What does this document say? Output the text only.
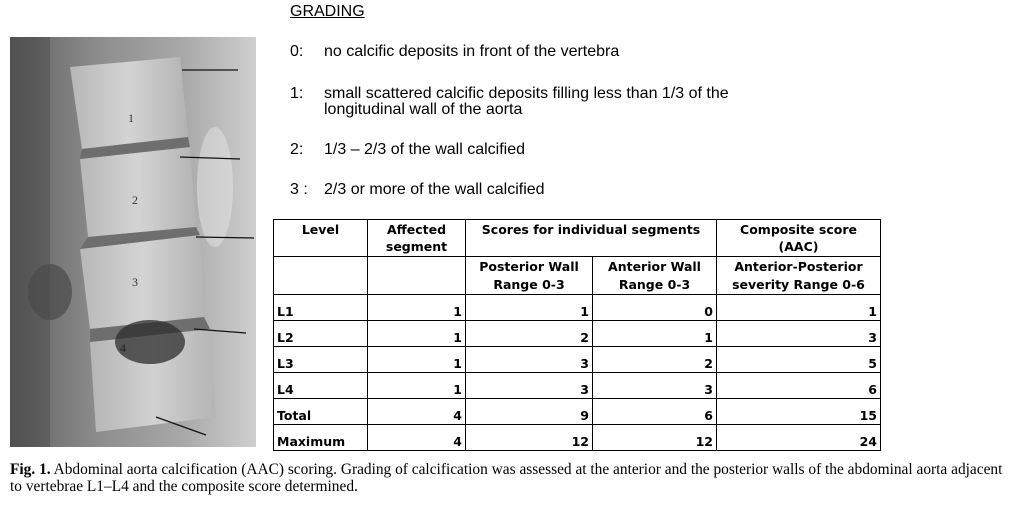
1
2
3
4
GRADING
0: no calcific deposits in front of the vertebra
1: small scattered calcific deposits filling less than 1/3 of the longitudinal wall of the aorta
2: 1/3 – 2/3 of the wall calcified
3 : 2/3 or more of the wall calcified
Level	Affected segment	Scores for individual segments		Composite score (AAC)
		Posterior Wall Range 0-3	Anterior Wall Range 0-3	Anterior-Posterior severity Range 0-6
L1	1	1	0	1
L2	1	2	1	3
L3	1	3	2	5
L4	1	3	3	6
Total	4	9	6	15
Maximum	4	12	12	24
Fig. 1. Abdominal aorta calcification (AAC) scoring. Grading of calcification was assessed at the anterior and the posterior walls of the abdominal aorta adjacent to vertebrae L1–L4 and the composite score determined.
